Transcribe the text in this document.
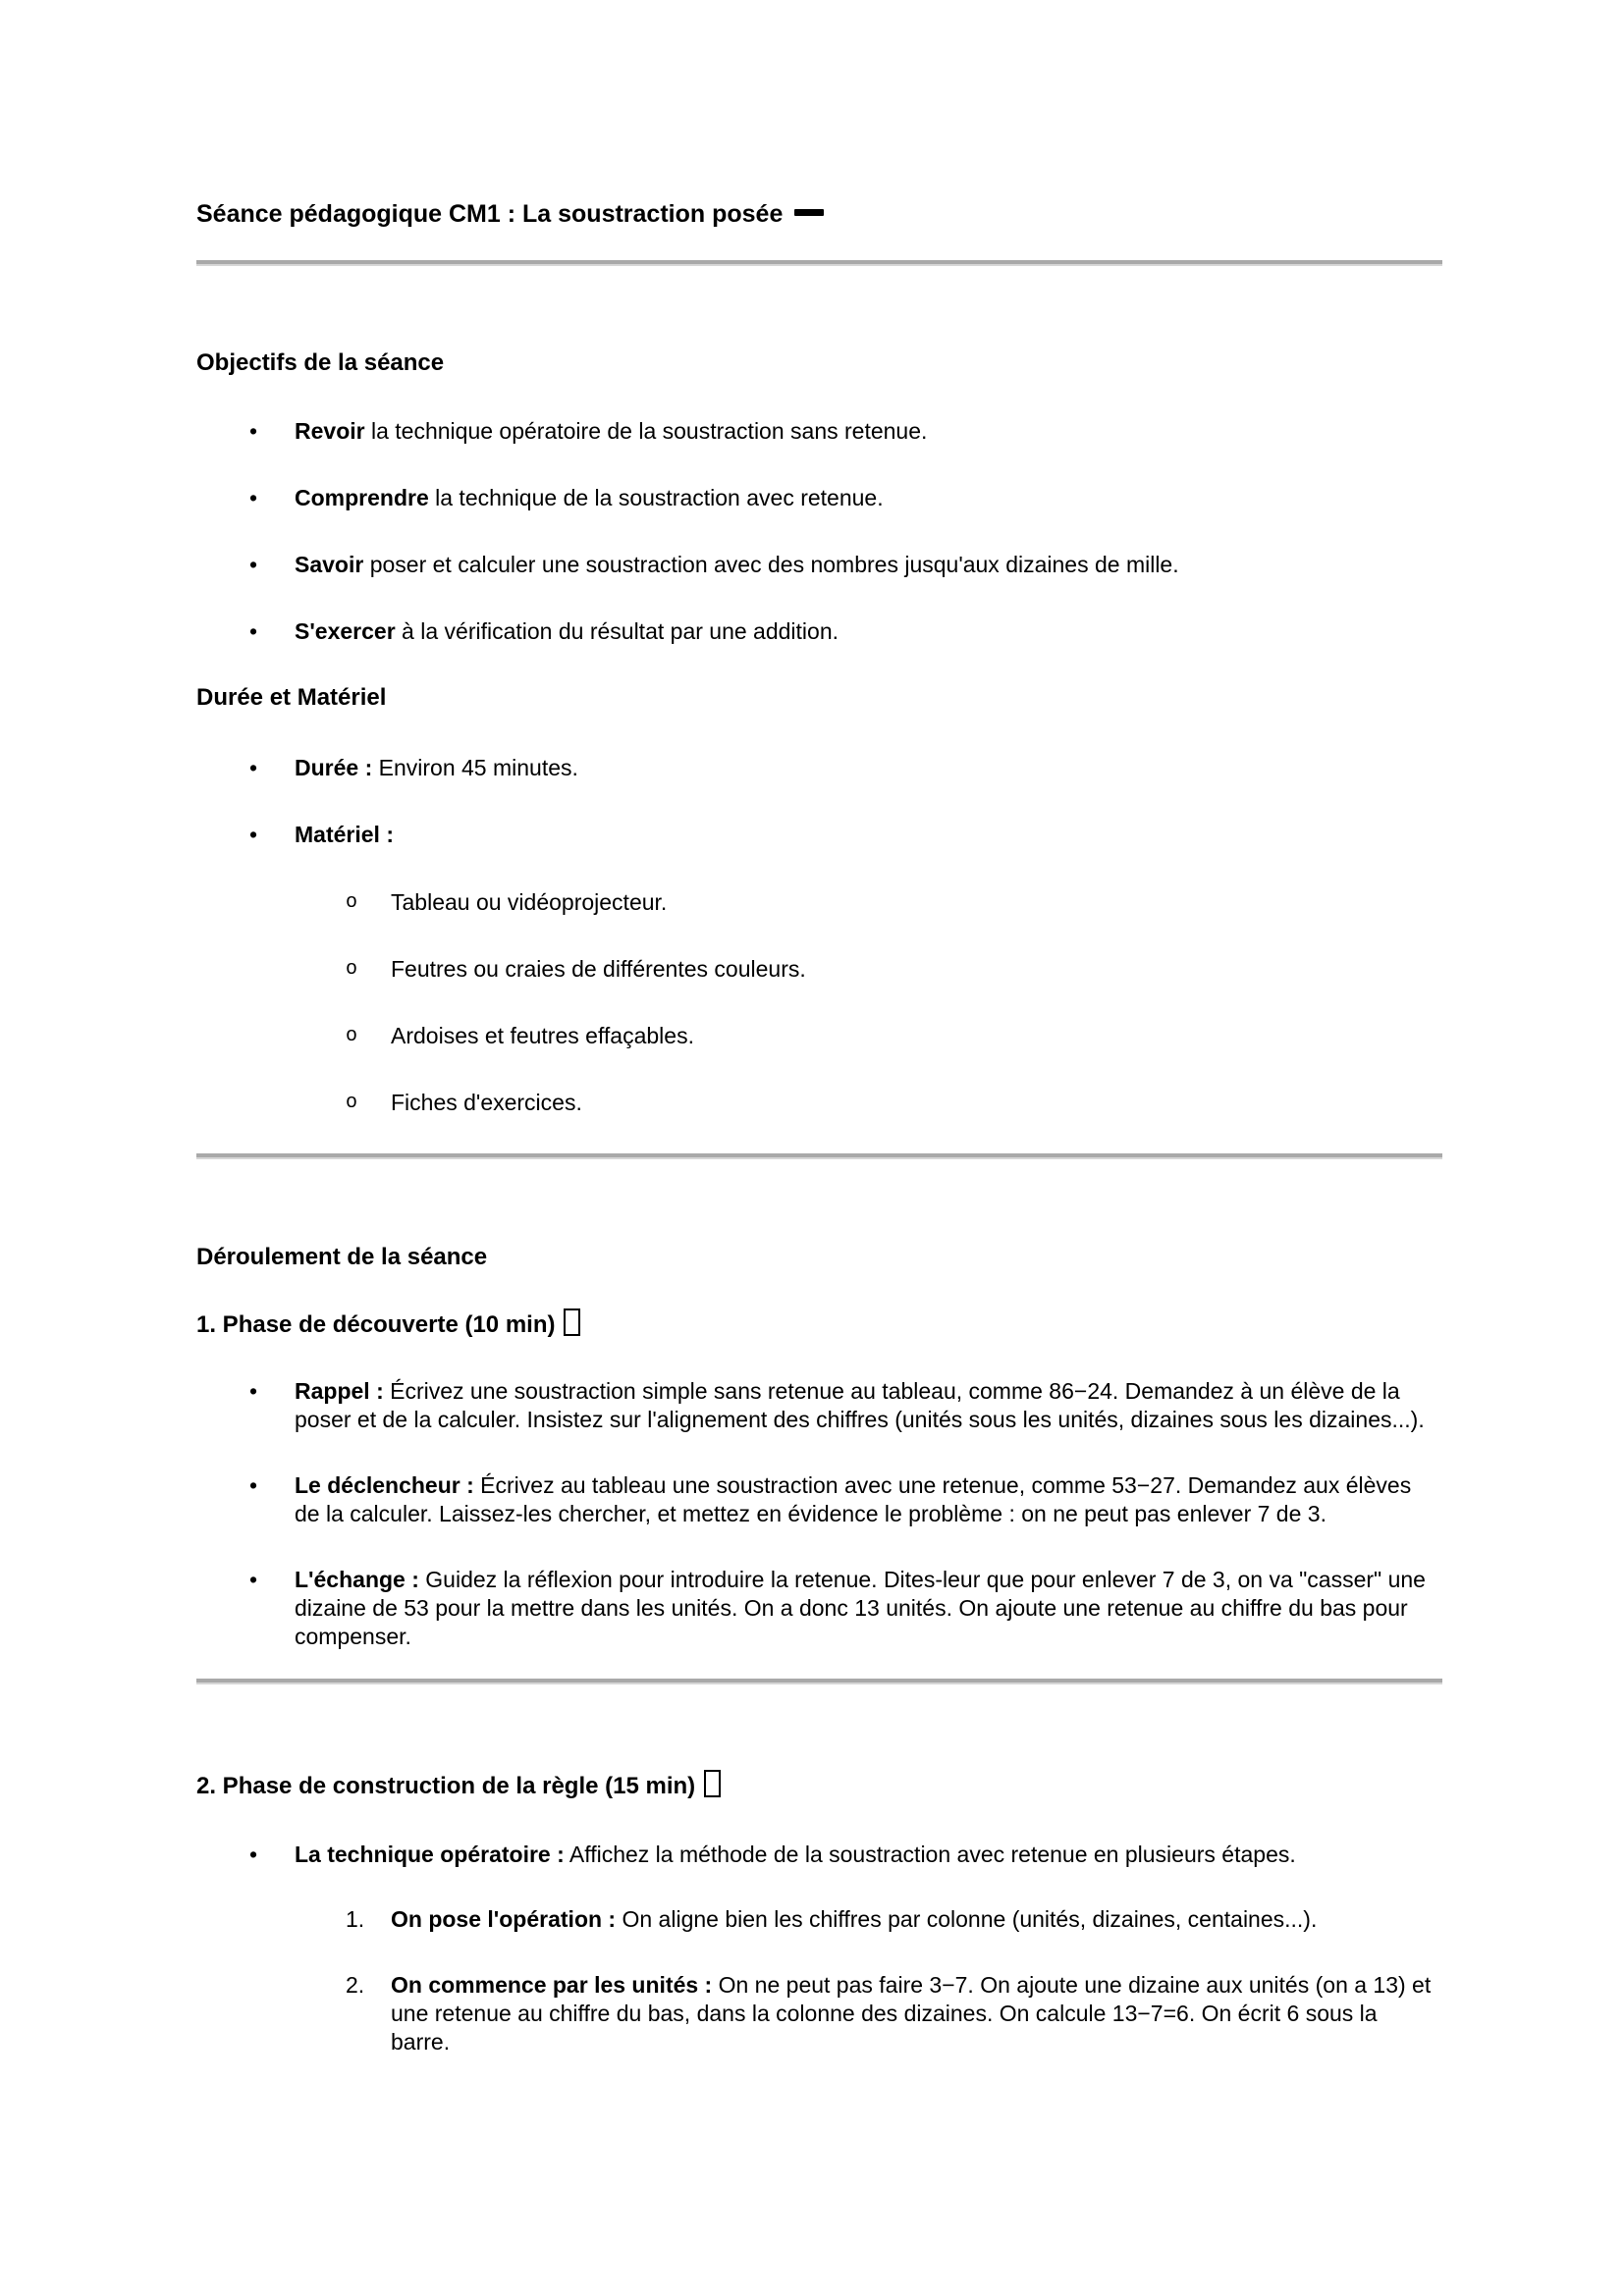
Séance pédagogique CM1 : La soustraction posée
Objectifs de la séance
•	Revoir la technique opératoire de la soustraction sans retenue.
•	Comprendre la technique de la soustraction avec retenue.
•	Savoir poser et calculer une soustraction avec des nombres jusqu'aux dizaines de mille.
•	S'exercer à la vérification du résultat par une addition.
Durée et Matériel
•	Durée : Environ 45 minutes.
•	Matériel :
o	Tableau ou vidéoprojecteur.
o	Feutres ou craies de différentes couleurs.
o	Ardoises et feutres effaçables.
o	Fiches d'exercices.
Déroulement de la séance
1. Phase de découverte (10 min)
•	Rappel : Écrivez une soustraction simple sans retenue au tableau, comme 86−24. Demandez à un élève de la poser et de la calculer. Insistez sur l'alignement des chiffres (unités sous les unités, dizaines sous les dizaines...).
•	Le déclencheur : Écrivez au tableau une soustraction avec une retenue, comme 53−27. Demandez aux élèves de la calculer. Laissez-les chercher, et mettez en évidence le problème : on ne peut pas enlever 7 de 3.
•	L'échange : Guidez la réflexion pour introduire la retenue. Dites-leur que pour enlever 7 de 3, on va "casser" une dizaine de 53 pour la mettre dans les unités. On a donc 13 unités. On ajoute une retenue au chiffre du bas pour compenser.
2. Phase de construction de la règle (15 min)
•	La technique opératoire : Affichez la méthode de la soustraction avec retenue en plusieurs étapes.
1.	On pose l'opération : On aligne bien les chiffres par colonne (unités, dizaines, centaines...).
2.	On commence par les unités : On ne peut pas faire 3−7. On ajoute une dizaine aux unités (on a 13) et une retenue au chiffre du bas, dans la colonne des dizaines. On calcule 13−7=6. On écrit 6 sous la barre.
